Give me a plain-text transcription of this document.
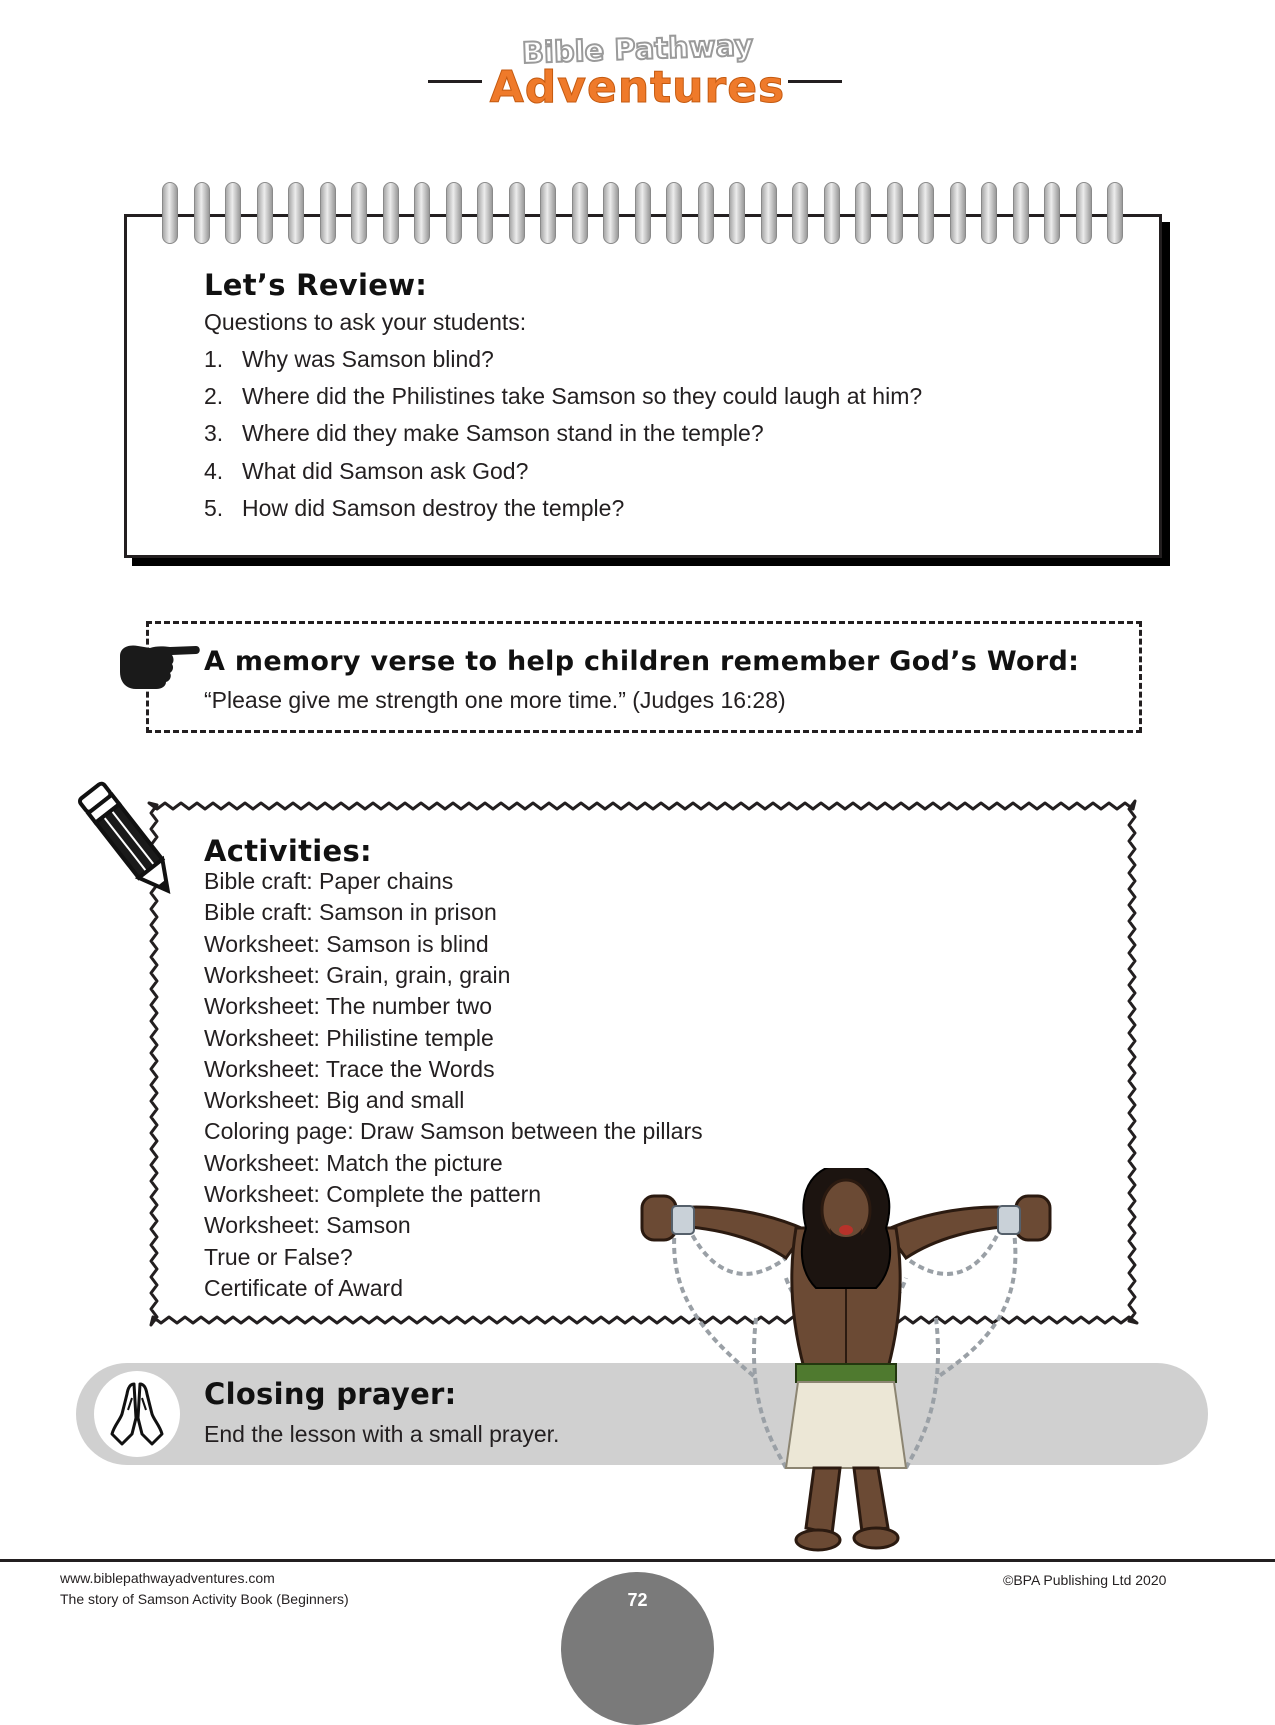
Bible Pathway
Adventures
Let’s Review:
Questions to ask your students:
1. Why was Samson blind?
2. Where did the Philistines take Samson so they could laugh at him?
3. Where did they make Samson stand in the temple?
4. What did Samson ask God?
5. How did Samson destroy the temple?
A memory verse to help children remember God’s Word:
“Please give me strength one more time.” (Judges 16:28)
Activities:
Bible craft: Paper chains
Bible craft: Samson in prison
Worksheet: Samson is blind
Worksheet: Grain, grain, grain
Worksheet: The number two
Worksheet: Philistine temple
Worksheet: Trace the Words
Worksheet: Big and small
Coloring page: Draw Samson between the pillars
Worksheet: Match the picture
Worksheet: Complete the pattern
Worksheet: Samson
True or False?
Certificate of Award
Closing prayer:
End the lesson with a small prayer.
www.biblepathwayadventures.com
The story of Samson Activity Book (Beginners)
©BPA Publishing Ltd 2020
72
